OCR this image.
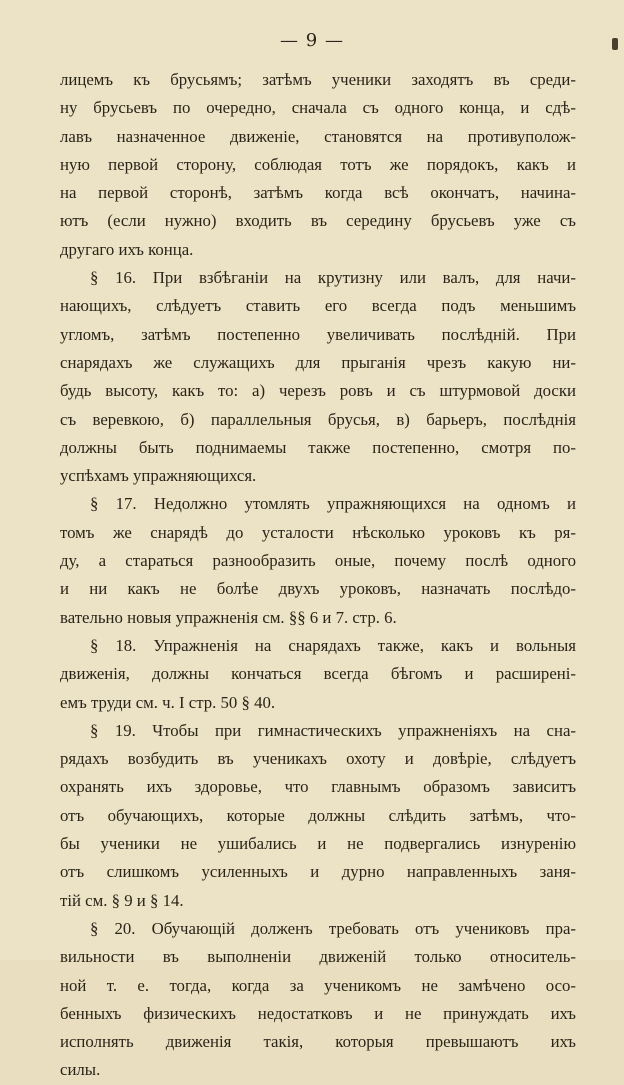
— 9 —
лицемъ къ брусьямъ; затѣмъ ученики заходятъ въ среди-
ну брусьевъ по очередно, сначала съ одного конца, и сдѣ-
лавъ назначенное движенiе, становятся на противуполож-
ную первой сторону, соблюдая тотъ же порядокъ, какъ и
на первой сторонѣ, затѣмъ когда всѣ окончатъ, начина-
ютъ (если нужно) входить въ середину брусьевъ уже съ
другаго ихъ конца.
§ 16. При взбѣганiи на крутизну или валъ, для начи-
нающихъ, слѣдуетъ ставить его всегда подъ меньшимъ
угломъ, затѣмъ постепенно увеличивать послѣднiй. При
снарядахъ же служащихъ для прыганiя чрезъ какую ни-
будь высоту, какъ то: а) черезъ ровъ и съ штурмовой доски
съ веревкою, б) параллельныя брусья, в) барьеръ, послѣднiя
должны быть поднимаемы также постепенно, смотря по-
успѣхамъ упражняющихся.
§ 17. Недолжно утомлять упражняющихся на одномъ и
томъ же снарядѣ до усталости нѣсколько уроковъ къ ря-
ду, а стараться разнообразить оные, почему послѣ одного
и ни какъ не болѣе двухъ уроковъ, назначать послѣдо-
вательно новыя упражненiя см. §§ 6 и 7. стр. 6.
§ 18. Упражненiя на снарядахъ также, какъ и вольныя
движенiя, должны кончаться всегда бѣгомъ и расширенi-
емъ труди см. ч. I стр. 50 § 40.
§ 19. Чтобы при гимнастическихъ упражненiяхъ на сна-
рядахъ возбудить въ ученикахъ охоту и довѣрiе, слѣдуетъ
охранять ихъ здоровье, что главнымъ образомъ зависитъ
отъ обучающихъ, которые должны слѣдить затѣмъ, что-
бы ученики не ушибались и не подвергались изнуренiю
отъ слишкомъ усиленныхъ и дурно направленныхъ заня-
тiй см. § 9 и § 14.
§ 20. Обучающiй долженъ требовать отъ учениковъ пра-
вильности въ выполненiи движенiй только относитель-
ной т. е. тогда, когда за ученикомъ не замѣчено осо-
бенныхъ физическихъ недостатковъ и не принуждать ихъ
исполнять движенiя такiя, которыя превышаютъ ихъ
силы.
